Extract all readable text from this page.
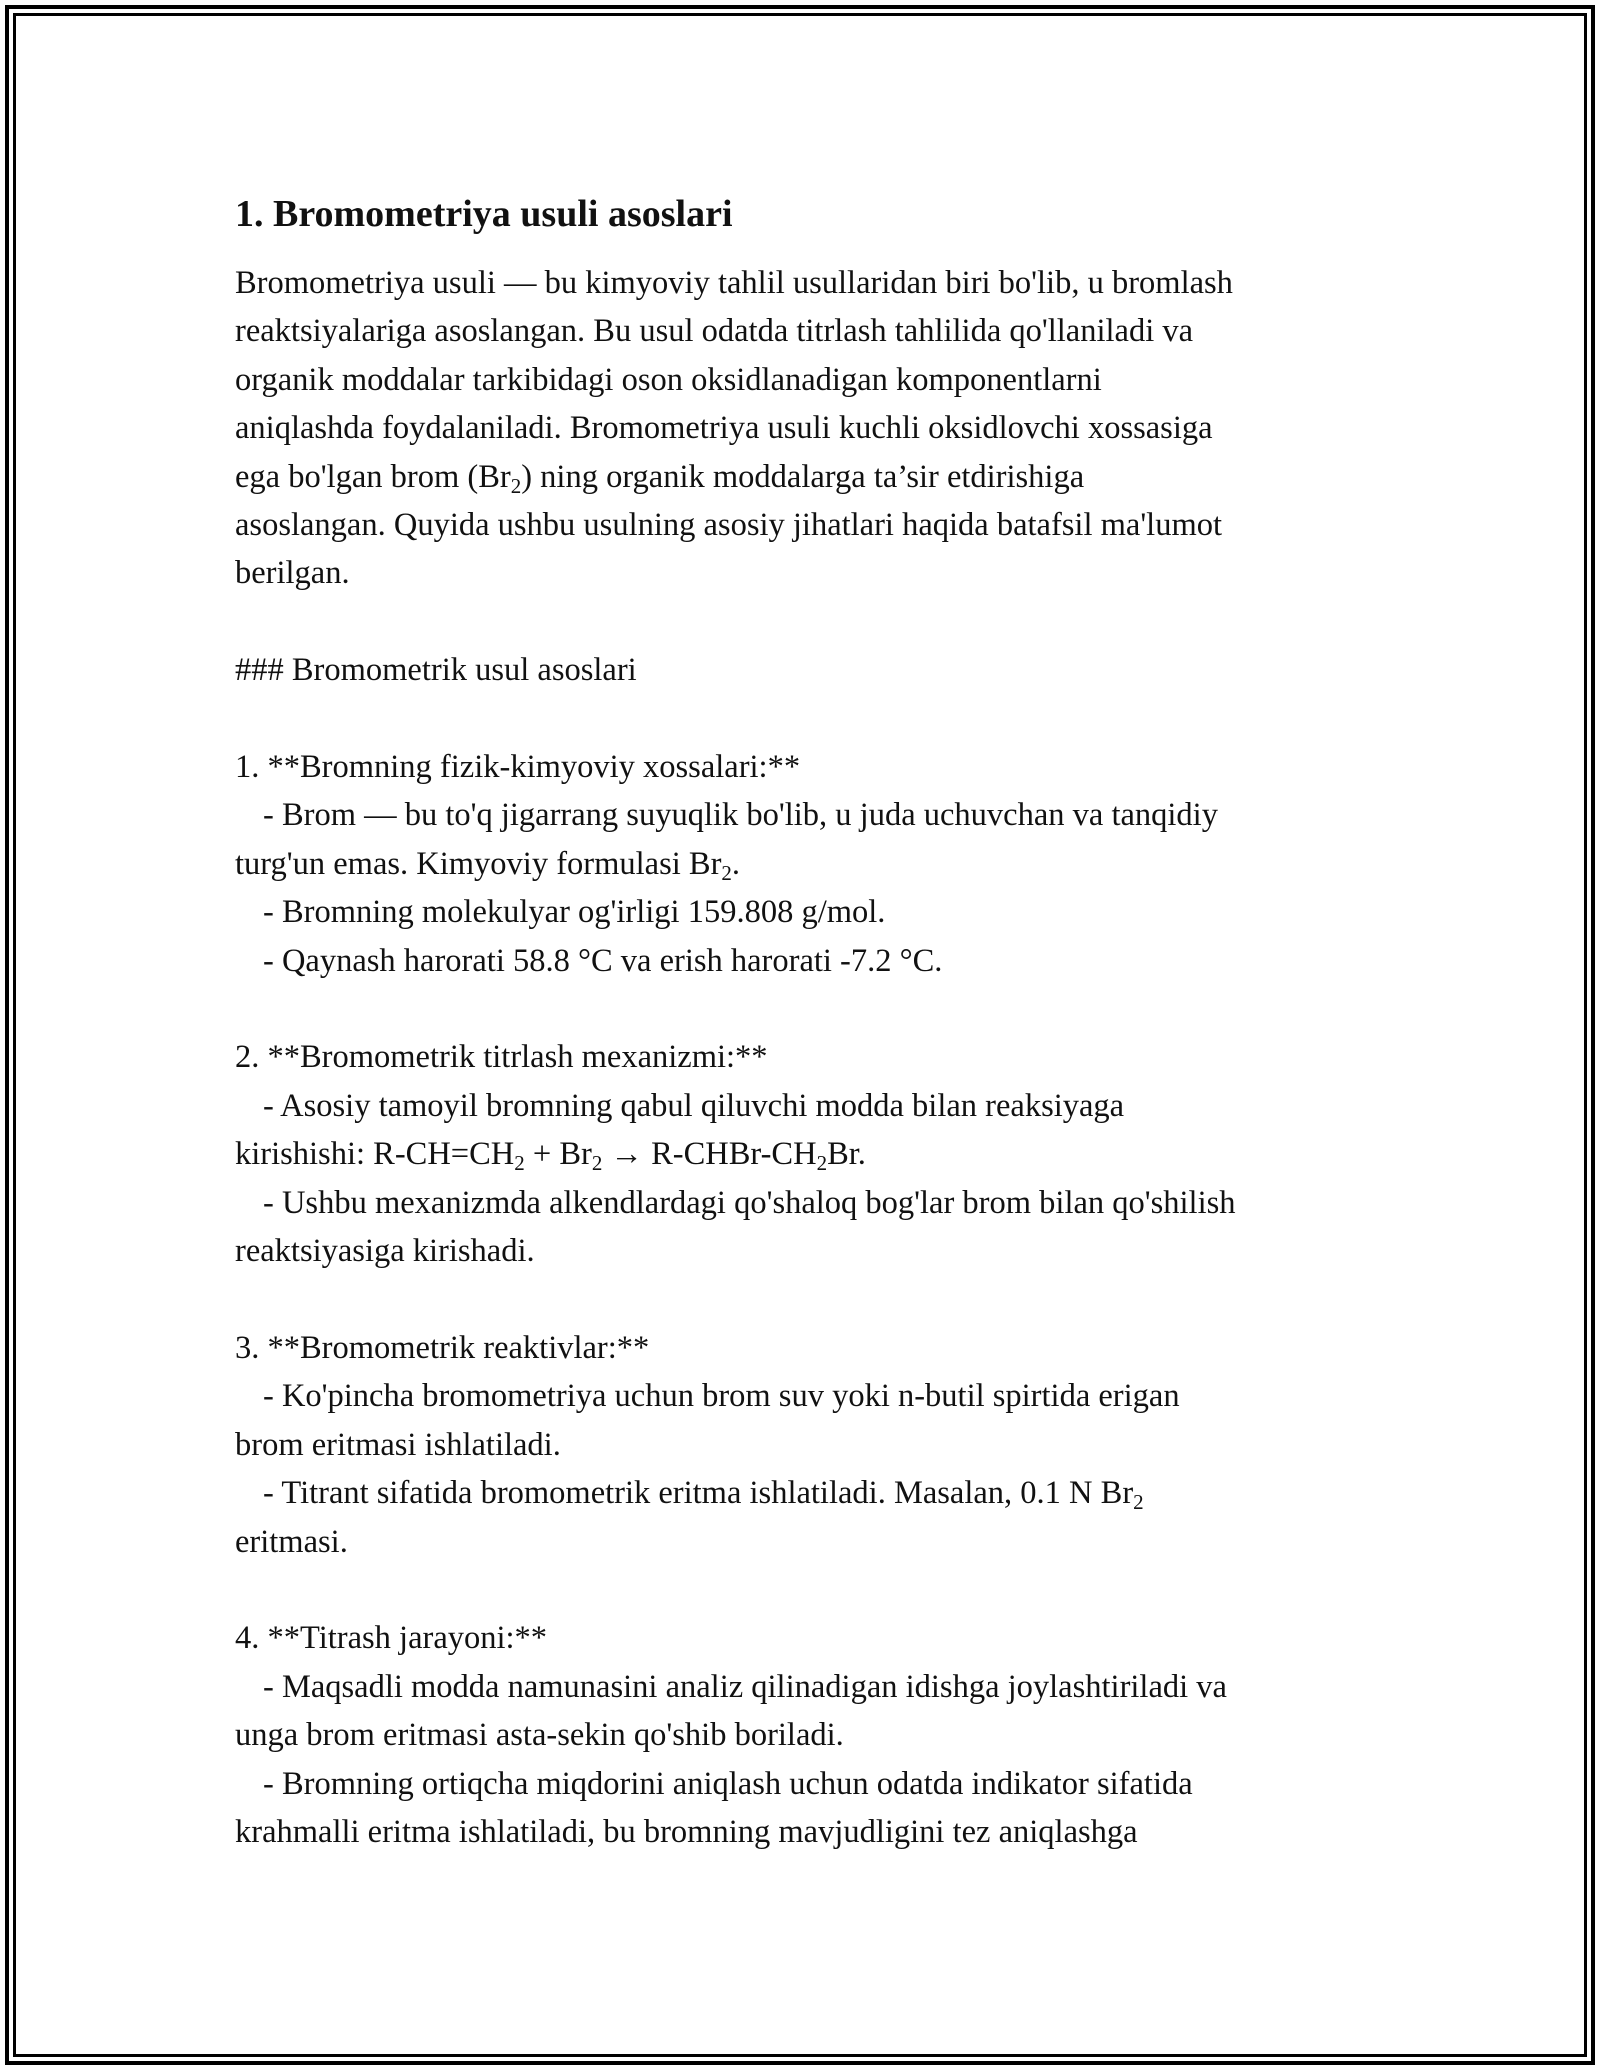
1. Bromometriya usuli asoslari

Bromometriya usuli — bu kimyoviy tahlil usullaridan biri bo'lib, u bromlash

reaktsiyalariga asoslangan. Bu usul odatda titrlash tahlilida qo'llaniladi va

organik moddalar tarkibidagi oson oksidlanadigan komponentlarni

aniqlashda foydalaniladi. Bromometriya usuli kuchli oksidlovchi xossasiga

ega bo'lgan brom $(Br_2)$ ning organik moddalarga ta’sir etdirishiga

asoslangan. Quyida ushbu usulning asosiy jihatlari haqida batafsil ma'lumot

berilgan.

### Bromometrik usul asoslari

1. **Bromning fizik-kimyoviy xossalari:**

- Brom — bu to'q jigarrang suyuqlik bo'lib, u juda uchuvchan va tanqidiy

turg'un emas. Kimyoviy formulasi $Br_2$.

- Bromning molekulyar og'irligi 159.808 g/mol.

- Qaynash harorati 58.8 °C va erish harorati -7.2 °C.

2. **Bromometrik titrlash mexanizmi:**

- Asosiy tamoyil bromning qabul qiluvchi modda bilan reaksiyaga

kirishishi: $R-CH=CH_2 + Br_2$ → $R-CHBr-CH_2Br$.

- Ushbu mexanizmda alkendlardagi qo'shaloq bog'lar brom bilan qo'shilish

reaktsiyasiga kirishadi.

3. **Bromometrik reaktivlar:**

- Ko'pincha bromometriya uchun brom suv yoki n-butil spirtida erigan

brom eritmasi ishlatiladi.

- Titrant sifatida bromometrik eritma ishlatiladi. Masalan, 0.1 N $Br_2$

eritmasi.

4. **Titrash jarayoni:**

- Maqsadli modda namunasini analiz qilinadigan idishga joylashtiriladi va

unga brom eritmasi asta-sekin qo'shib boriladi.

- Bromning ortiqcha miqdorini aniqlash uchun odatda indikator sifatida

krahmalli eritma ishlatiladi, bu bromning mavjudligini tez aniqlashga
